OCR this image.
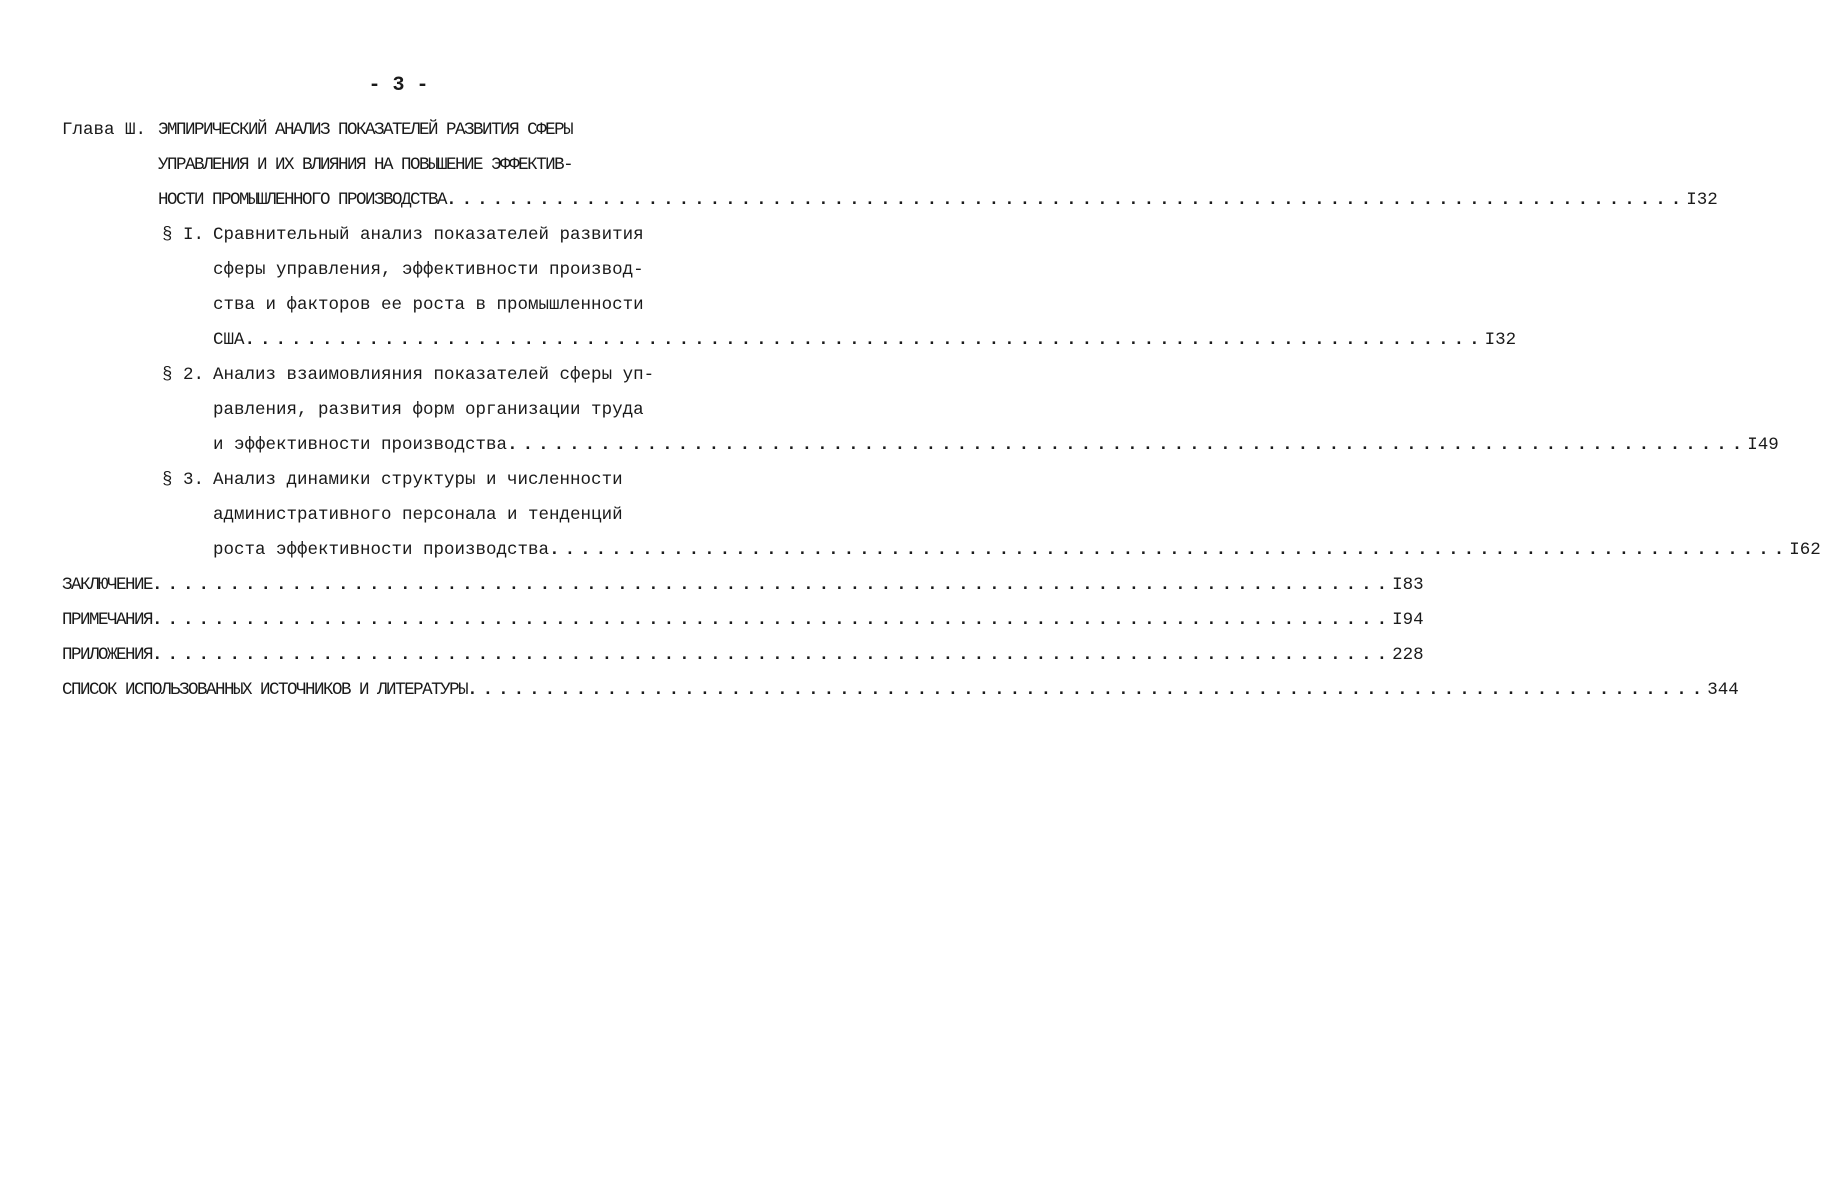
- 3 -
Глава Ш. ЭМПИРИЧЕСКИЙ АНАЛИЗ ПОКАЗАТЕЛЕЙ РАЗВИТИЯ СФЕРЫ
УПРАВЛЕНИЯ И ИХ ВЛИЯНИЯ НА ПОВЫШЕНИЕ ЭФФЕКТИВ-
НОСТИ ПРОМЫШЛЕННОГО ПРОИЗВОДСТВА ................................................................................ I32
§ I. Сравнительный анализ показателей развития
сферы управления, эффективности производ-
ства и факторов ее роста в промышленности
США ................................................................................ I32
§ 2. Анализ взаимовлияния показателей сферы уп-
равления, развития форм организации труда
и эффективности производства ................................................................................ I49
§ 3. Анализ динамики структуры и численности
административного персонала и тенденций
роста эффективности производства ................................................................................ I62
ЗАКЛЮЧЕНИЕ ................................................................................ I83
ПРИМЕЧАНИЯ ................................................................................ I94
ПРИЛОЖЕНИЯ ................................................................................ 228
СПИСОК ИСПОЛЬЗОВАННЫХ ИСТОЧНИКОВ И ЛИТЕРАТУРЫ ................................................................................ 344
